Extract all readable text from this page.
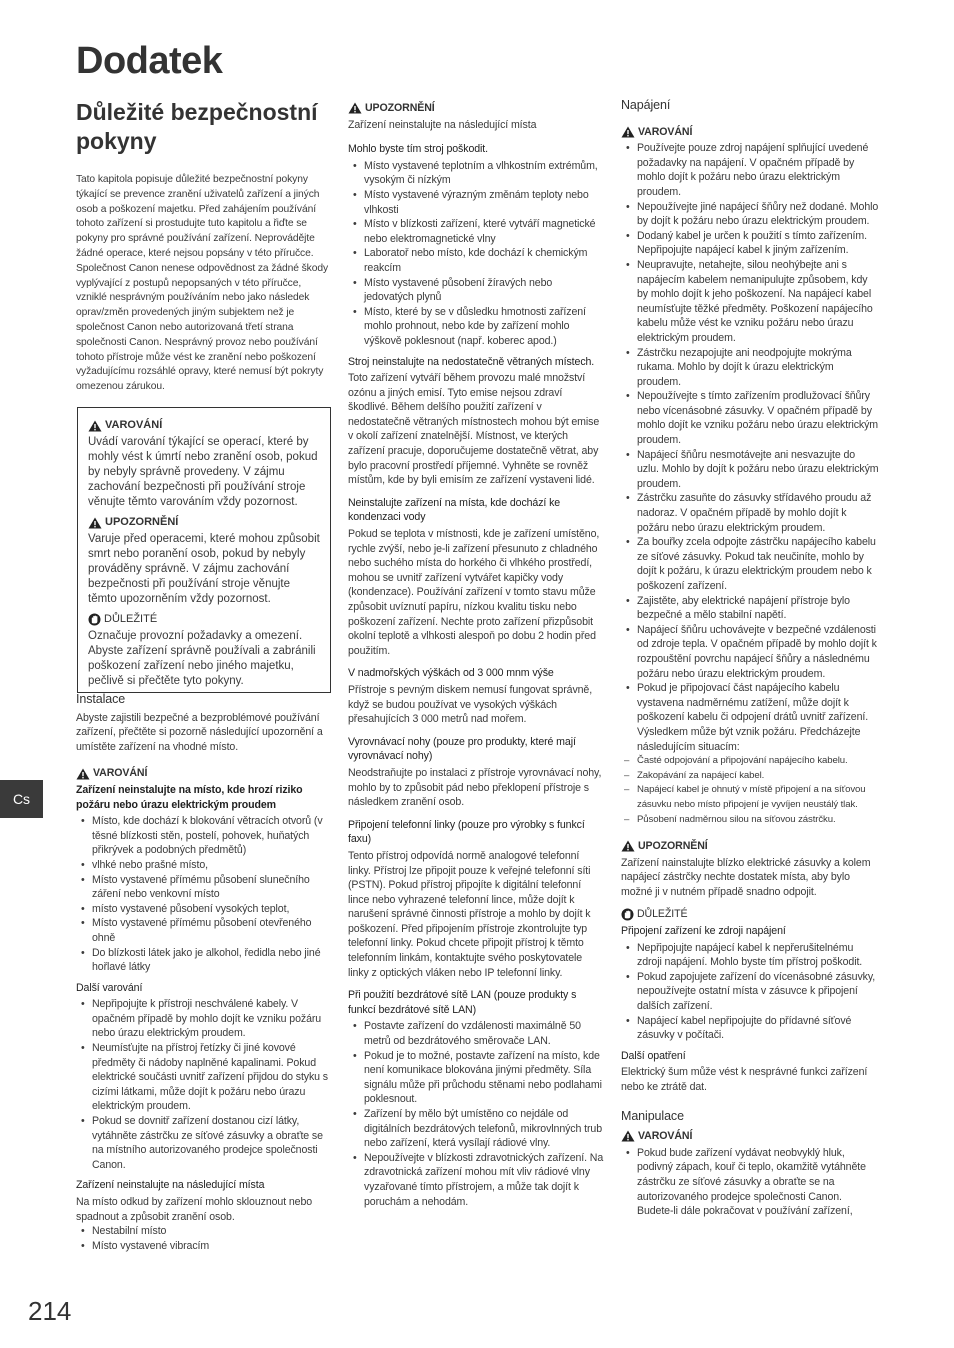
Dodatek
Důležité bezpečnostní pokyny

Tato kapitola popisuje důležité bezpečnostní pokyny týkající se prevence zranění uživatelů zařízení a jiných osob a poškození majetku. Před zahájením používání tohoto zařízení si prostudujte tuto kapitolu a řiďte se pokyny pro správné používání zařízení. Neprovádějte žádné operace, které nejsou popsány v této příručce. Společnost Canon nenese odpovědnost za žádné škody vyplývající z postupů nepopsaných v této příručce, vzniklé nesprávným používáním nebo jako následek oprav/změn provedených jiným subjektem než je společnost Canon nebo autorizovaná třetí strana společnosti Canon. Nesprávný provoz nebo používání tohoto přístroje může vést ke zranění nebo poškození vyžadujícímu rozsáhlé opravy, které nemusí být pokryty omezenou zárukou.

VAROVÁNÍ

Uvádí varování týkající se operací, které by mohly vést k úmrtí nebo zranění osob, pokud by nebyly správně provedeny. V zájmu zachování bezpečnosti při používání stroje věnujte těmto varováním vždy pozornost.

UPOZORNĚNÍ

Varuje před operacemi, které mohou způsobit smrt nebo poranění osob, pokud by nebyly prováděny správně. V zájmu zachování bezpečnosti při používání stroje věnujte těmto upozorněním vždy pozornost.

DŮLEŽITÉ

Označuje provozní požadavky a omezení. Abyste zařízení správně používali a zabránili poškození zařízení nebo jiného majetku, pečlivě si přečtěte tyto pokyny.

Instalace

Abyste zajistili bezpečné a bezproblémové používání zařízení, přečtěte si pozorně následující upozornění a umístěte zařízení na vhodné místo.

VAROVÁNÍ
Zařízení neinstalujte na místo, kde hrozí riziko požáru nebo úrazu elektrickým proudem
• Místo, kde dochází k blokování větracích otvorů (v těsné blízkosti stěn, postelí, pohovek, huňatých přikrývek a podobných předmětů)
• vlhké nebo prašné místo,
• Místo vystavené přímému působení slunečního záření nebo venkovní místo
• místo vystavené působení vysokých teplot,
• Místo vystavené přímému působení otevřeného ohně
• Do blízkosti látek jako je alkohol, ředidla nebo jiné hořlavé látky
Další varování
• Nepřipojujte k přístroji neschválené kabely. V opačném případě by mohlo dojít ke vzniku požáru nebo úrazu elektrickým proudem.
• Neumísťujte na přístroj řetízky či jiné kovové předměty či nádoby naplněné kapalinami. Pokud elektrické součásti uvnitř zařízení přijdou do styku s cizími látkami, může dojít k požáru nebo úrazu elektrickým proudem.
• Pokud se dovnitř zařízení dostanou cizí látky, vytáhněte zástrčku ze síťové zásuvky a obraťte se na místního autorizovaného prodejce společnosti Canon.
Zařízení neinstalujte na následující místa

Na místo odkud by zařízení mohlo sklouznout nebo spadnout a způsobit zranění osob.

• Nestabilní místo
• Místo vystavené vibracím
UPOZORNĚNÍ

Zařízení neinstalujte na následující místa

Mohlo byste tím stroj poškodit.
• Místo vystavené teplotním a vlhkostním extrémům, vysokým či nízkým
• Místo vystavené výrazným změnám teploty nebo vlhkosti
• Místo v blízkosti zařízení, které vytváří magnetické nebo elektromagnetické vlny
• Laboratoř nebo místo, kde dochází k chemickým reakcím
• Místo vystavené působení žíravých nebo jedovatých plynů
• Místo, které by se v důsledku hmotnosti zařízení mohlo prohnout, nebo kde by zařízení mohlo výškově poklesnout (např. koberec apod.)
Stroj neinstalujte na nedostatečně větraných místech.

Toto zařízení vytváří během provozu malé množství ozónu a jiných emisí. Tyto emise nejsou zdraví škodlivé. Během delšího použití zařízení v nedostatečně větraných místnostech mohou být emise v okolí zařízení znatelnější. Místnost, ve kterých zařízení pracuje, doporučujeme dostatečně větrat, aby bylo pracovní prostředí příjemné. Vyhněte se rovněž místům, kde by byli emisím ze zařízení vystaveni lidé.

Neinstalujte zařízení na místa, kde dochází ke kondenzaci vody

Pokud se teplota v místnosti, kde je zařízení umístěno, rychle zvýší, nebo je-li zařízení přesunuto z chladného nebo suchého místa do horkého či vlhkého prostředí, mohou se uvnitř zařízení vytvářet kapičky vody (kondenzace). Používání zařízení v tomto stavu může způsobit uvíznutí papíru, nízkou kvalitu tisku nebo poškození zařízení. Nechte proto zařízení přizpůsobit okolní teplotě a vlhkosti alespoň po dobu 2 hodin před použitím.

V nadmořských výškách od 3 000 mnm výše

Přístroje s pevným diskem nemusí fungovat správně, když se budou používat ve vysokých výškách přesahujících 3 000 metrů nad mořem.

Vyrovnávací nohy (pouze pro produkty, které mají vyrovnávací nohy)

Neodstraňujte po instalaci z přístroje vyrovnávací nohy, mohlo by to způsobit pád nebo překlopení přístroje s následkem zranění osob.

Připojení telefonní linky (pouze pro výrobky s funkcí faxu)

Tento přístroj odpovídá normě analogové telefonní linky. Přístroj lze připojit pouze k veřejné telefonní síti (PSTN). Pokud přístroj připojíte k digitální telefonní lince nebo vyhrazené telefonní lince, může dojít k narušení správné činnosti přístroje a mohlo by dojít k poškození. Před připojením přístroje zkontrolujte typ telefonní linky. Pokud chcete připojit přístroj k těmto telefonním linkám, kontaktujte svého poskytovatele linky z optických vláken nebo IP telefonní linky.

Při použití bezdrátové sítě LAN (pouze produkty s funkcí bezdrátové sítě LAN)
• Postavte zařízení do vzdálenosti maximálně 50 metrů od bezdrátového směrovače LAN.
• Pokud je to možné, postavte zařízení na místo, kde není komunikace blokována jinými předměty. Síla signálu může při průchodu stěnami nebo podlahami poklesnout.
• Zařízení by mělo být umístěno co nejdále od digitálních bezdrátových telefonů, mikrovlnných trub nebo zařízení, která vysílají rádiové vlny.
• Nepoužívejte v blízkosti zdravotnických zařízení. Na zdravotnická zařízení mohou mít vliv rádiové vlny vyzařované tímto přístrojem, a může tak dojít k poruchám a nehodám.
Napájení
VAROVÁNÍ
• Používejte pouze zdroj napájení splňující uvedené požadavky na napájení. V opačném případě by mohlo dojít k požáru nebo úrazu elektrickým proudem.
• Nepoužívejte jiné napájecí šňůry než dodané. Mohlo by dojít k požáru nebo úrazu elektrickým proudem.
• Dodaný kabel je určen k použití s tímto zařízením. Nepřipojujte napájecí kabel k jiným zařízením.
• Neupravujte, netahejte, silou neohýbejte ani s napájecím kabelem nemanipulujte způsobem, kdy by mohlo dojít k jeho poškození. Na napájecí kabel neumísťujte těžké předměty. Poškození napájecího kabelu může vést ke vzniku požáru nebo úrazu elektrickým proudem.
• Zástrčku nezapojujte ani neodpojujte mokrýma rukama. Mohlo by dojít k úrazu elektrickým proudem.
• Nepoužívejte s tímto zařízením prodlužovací šňůry nebo vícenásobné zásuvky. V opačném případě by mohlo dojít ke vzniku požáru nebo úrazu elektrickým proudem.
• Napájecí šňůru nesmotávejte ani nesvazujte do uzlu. Mohlo by dojít k požáru nebo úrazu elektrickým proudem.
• Zástrčku zasuňte do zásuvky střídavého proudu až nadoraz. V opačném případě by mohlo dojít k požáru nebo úrazu elektrickým proudem.
• Za bouřky zcela odpojte zástrčku napájecího kabelu ze síťové zásuvky. Pokud tak neučiníte, mohlo by dojít k požáru, k úrazu elektrickým proudem nebo k poškození zařízení.
• Zajistěte, aby elektrické napájení přístroje bylo bezpečné a mělo stabilní napětí.
• Napájecí šňůru uchovávejte v bezpečné vzdálenosti od zdroje tepla. V opačném případě by mohlo dojít k rozpouštění povrchu napájecí šňůry a následnému požáru nebo úrazu elektrickým proudem.
• Pokud je připojovací část napájecího kabelu vystavena nadměrnému zatížení, může dojít k poškození kabelu či odpojení drátů uvnitř zařízení. Výsledkem může být vznik požáru. Předcházejte následujícím situacím:
– Časté odpojování a připojování napájecího kabelu.
– Zakopávání za napájecí kabel.
– Napájecí kabel je ohnutý v místě připojení a na síťovou zásuvku nebo místo připojení je vyvíjen neustálý tlak.
– Působení nadměrnou silou na síťovou zástrčku.
UPOZORNĚNÍ

Zařízení nainstalujte blízko elektrické zásuvky a kolem napájecí zástrčky nechte dostatek místa, aby bylo možné ji v nutném případě snadno odpojit.

DŮLEŽITÉ
Připojení zařízení ke zdroji napájení
• Nepřipojujte napájecí kabel k nepřerušitelnému zdroji napájení. Mohlo byste tím přístroj poškodit.
• Pokud zapojujete zařízení do vícenásobné zásuvky, nepoužívejte ostatní místa v zásuvce k připojení dalších zařízení.
• Napájecí kabel nepřipojujte do přídavné síťové zásuvky v počítači.
Další opatření

Elektrický šum může vést k nesprávné funkci zařízení nebo ke ztrátě dat.

Manipulace
VAROVÁNÍ
• Pokud bude zařízení vydávat neobvyklý hluk, podivný zápach, kouř či teplo, okamžitě vytáhněte zástrčku ze síťové zásuvky a obraťte se na autorizovaného prodejce společnosti Canon. Budete-li dále pokračovat v používání zařízení,
Cs
214
